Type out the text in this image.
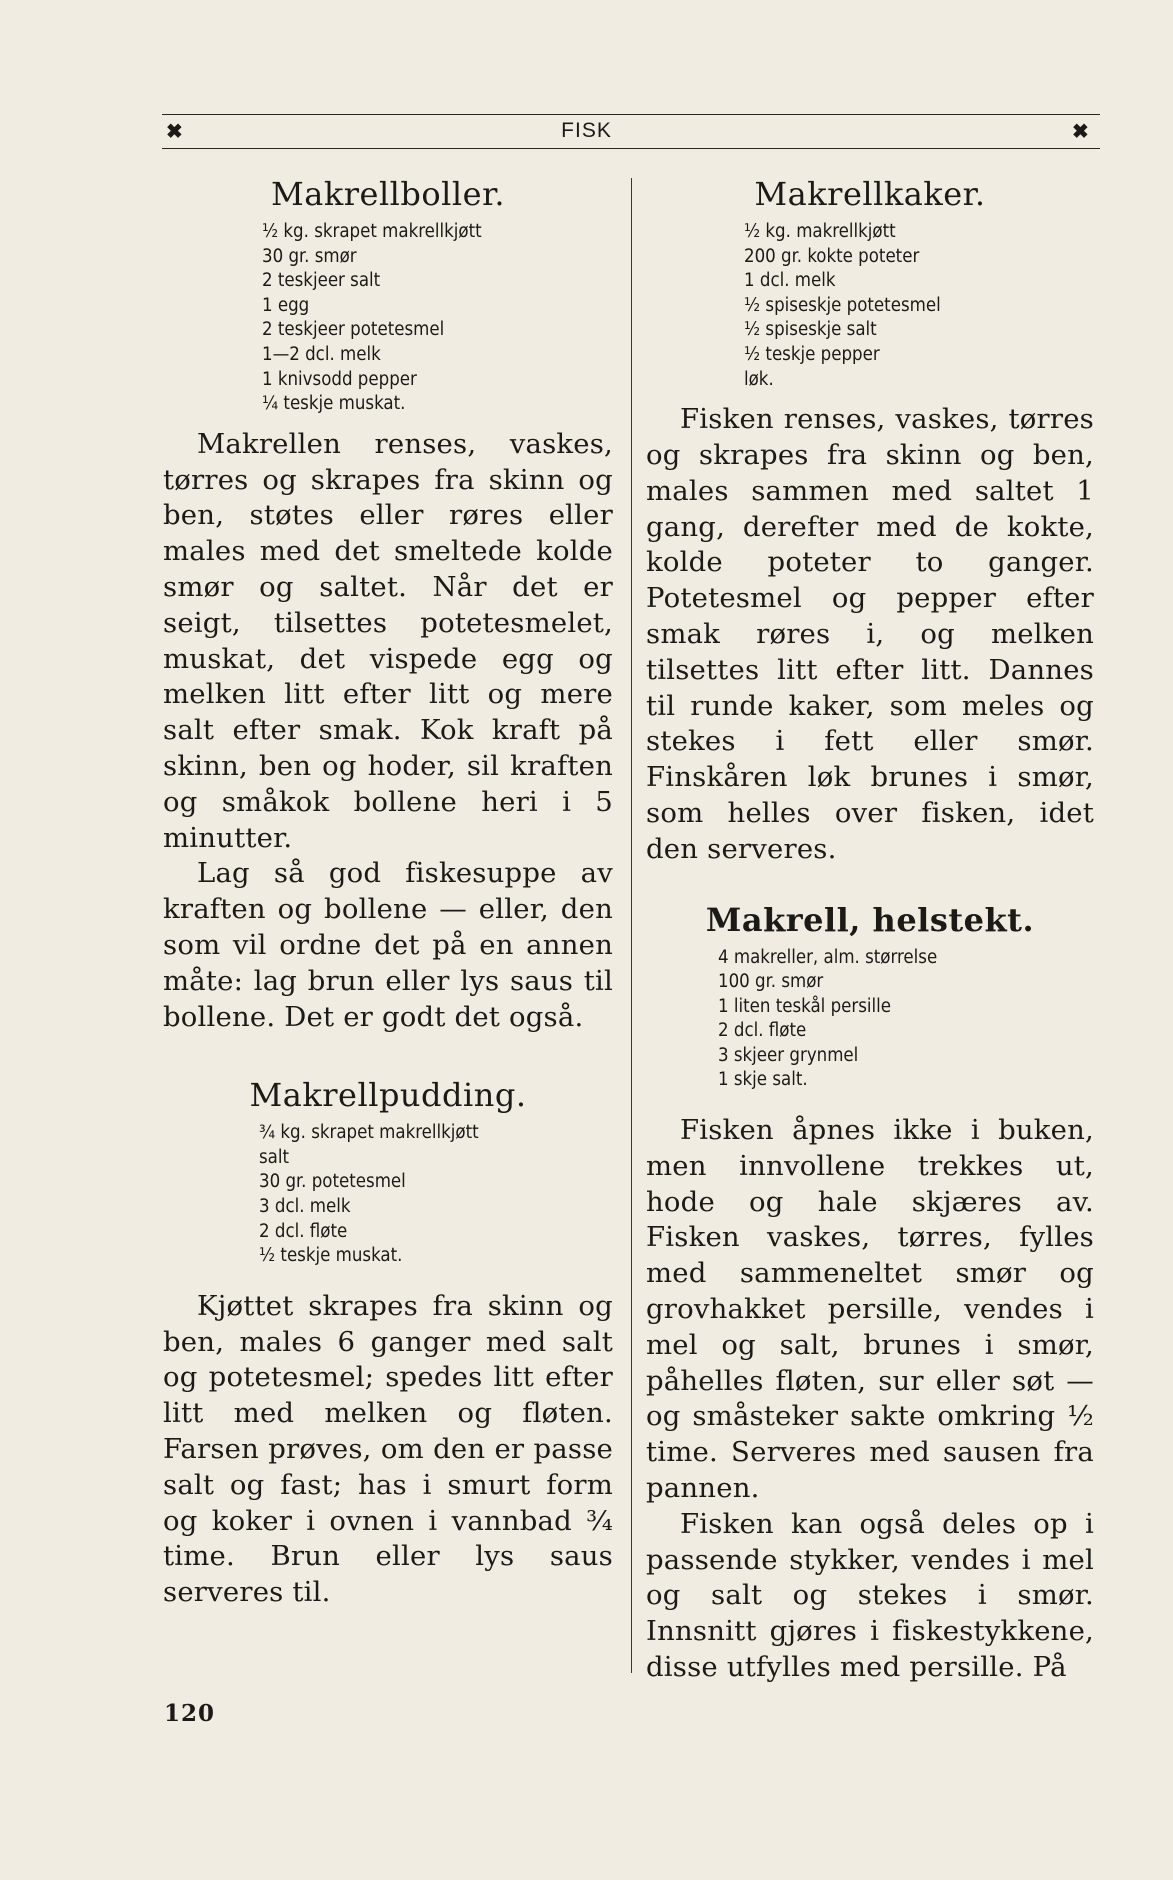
✖	FISK	✖
Makrellboller.
½ kg. skrapet makrellkjøtt
30 gr. smør
2 teskjeer salt
1 egg
2 teskjeer potetesmel
1—2 dcl. melk
1 knivsodd pepper
¼ teskje muskat.

Makrellen renses, vaskes, tørres og skrapes fra skinn og ben, støtes eller røres eller males med det smeltede kolde smør og saltet. Når det er seigt, tilsettes potetesmelet, muskat, det vispede egg og melken litt efter litt og mere salt efter smak. Kok kraft på skinn, ben og hoder, sil kraften og småkok bollene heri i 5 minutter.

Lag så god fiskesuppe av kraften og bollene — eller, den som vil ordne det på en annen måte: lag brun eller lys saus til bollene. Det er godt det også.

Makrellpudding.
¾ kg. skrapet makrellkjøtt
salt
30 gr. potetesmel
3 dcl. melk
2 dcl. fløte
½ teskje muskat.

Kjøttet skrapes fra skinn og ben, males 6 ganger med salt og potetesmel; spedes litt efter litt med melken og fløten. Farsen prøves, om den er passe salt og fast; has i smurt form og koker i ovnen i vannbad ¾ time. Brun eller lys saus serveres til.

Makrellkaker.
½ kg. makrellkjøtt
200 gr. kokte poteter
1 dcl. melk
½ spiseskje potetesmel
½ spiseskje salt
½ teskje pepper
løk.

Fisken renses, vaskes, tørres og skrapes fra skinn og ben, males sammen med saltet 1 gang, derefter med de kokte, kolde poteter to ganger. Potetesmel og pepper efter smak røres i, og melken tilsettes litt efter litt. Dannes til runde kaker, som meles og stekes i fett eller smør. Finskåren løk brunes i smør, som helles over fisken, idet den serveres.

Makrell, helstekt.
4 makreller, alm. størrelse
100 gr. smør
1 liten teskål persille
2 dcl. fløte
3 skjeer grynmel
1 skje salt.

Fisken åpnes ikke i buken, men innvollene trekkes ut, hode og hale skjæres av. Fisken vaskes, tørres, fylles med sammeneltet smør og grovhakket persille, vendes i mel og salt, brunes i smør, påhelles fløten, sur eller søt — og småsteker sakte omkring ½ time. Serveres med sausen fra pannen.

Fisken kan også deles op i passende stykker, vendes i mel og salt og stekes i smør. Innsnitt gjøres i fiskestykkene, disse utfylles med persille. På

120
